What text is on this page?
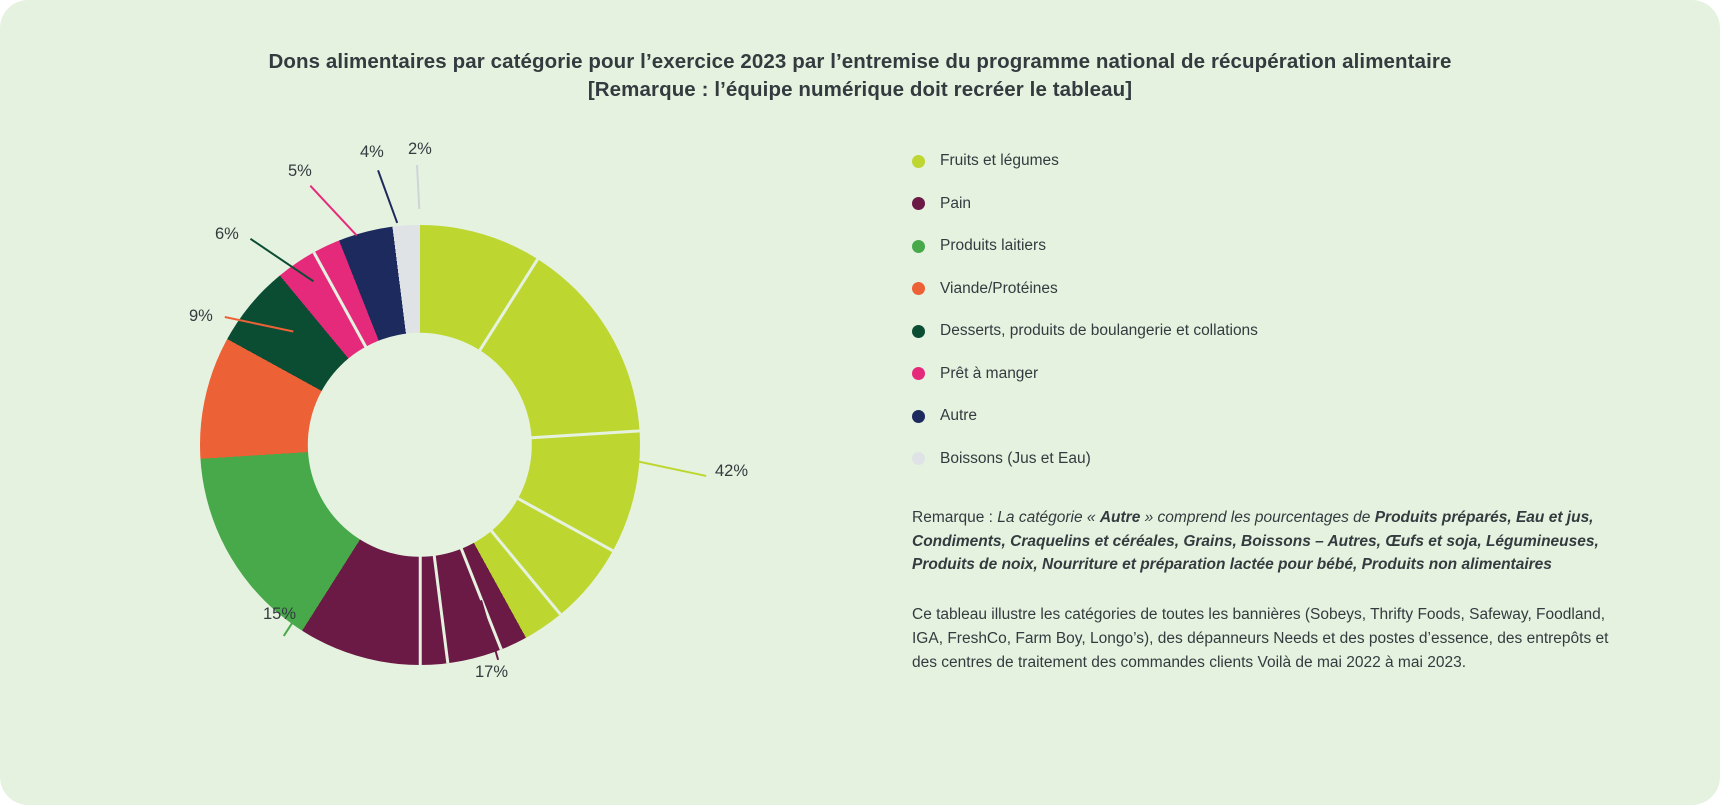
Dons alimentaires par catégorie pour l’exercice 2023 par l’entremise du programme national de récupération alimentaire
[Remarque : l’équipe numérique doit recréer le tableau]
42%
17%
15%
9%
6%
5%
4% 2%
Fruits et légumes
Pain
Produits laitiers
Viande/Protéines
Desserts, produits de boulangerie et collations
Prêt à manger
Autre
Boissons (Jus et Eau)
Remarque : La catégorie « Autre » comprend les pourcentages de Produits préparés, Eau et jus, Condiments, Craquelins et céréales, Grains, Boissons – Autres, Œufs et soja, Légumineuses, Produits de noix, Nourriture et préparation lactée pour bébé, Produits non alimentaires
Ce tableau illustre les catégories de toutes les bannières (Sobeys, Thrifty Foods, Safeway, Foodland, IGA, FreshCo, Farm Boy, Longo’s), des dépanneurs Needs et des postes d’essence, des entrepôts et des centres de traitement des commandes clients Voilà de mai 2022 à mai 2023.
